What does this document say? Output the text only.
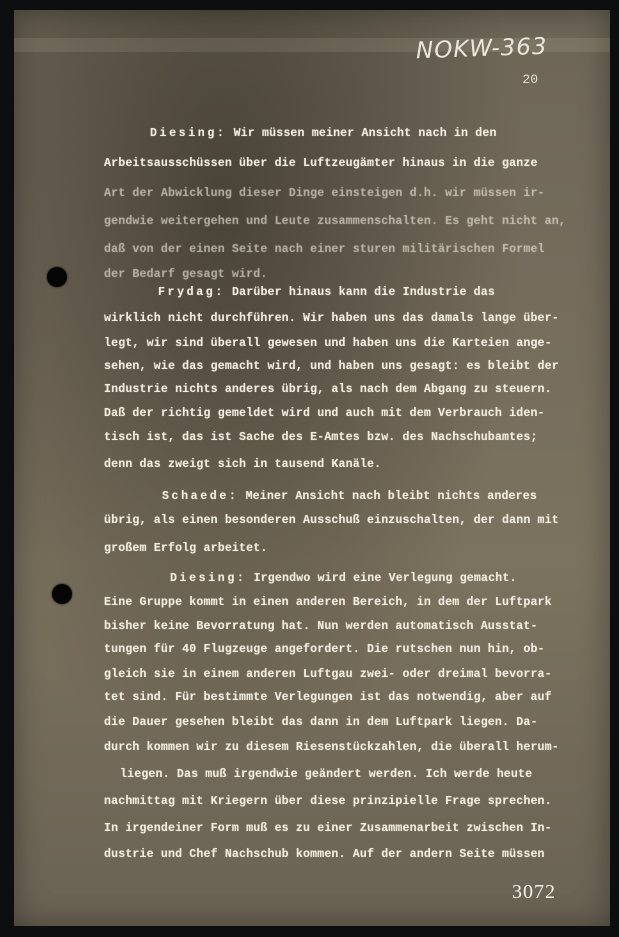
NOKW-363
20
Diesing: Wir müssen meiner Ansicht nach in den
Arbeitsausschüssen über die Luftzeugämter hinaus in die ganze
Art der Abwicklung dieser Dinge einsteigen d.h. wir müssen ir-
gendwie weitergehen und Leute zusammenschalten. Es geht nicht an,
daß von der einen Seite nach einer sturen militärischen Formel
der Bedarf gesagt wird.
Frydag: Darüber hinaus kann die Industrie das
wirklich nicht durchführen. Wir haben uns das damals lange über-
legt, wir sind überall gewesen und haben uns die Karteien ange-
sehen, wie das gemacht wird, und haben uns gesagt: es bleibt der
Industrie nichts anderes übrig, als nach dem Abgang zu steuern.
Daß der richtig gemeldet wird und auch mit dem Verbrauch iden-
tisch ist, das ist Sache des E-Amtes bzw. des Nachschubamtes;
denn das zweigt sich in tausend Kanäle.
Schaede: Meiner Ansicht nach bleibt nichts anderes
übrig, als einen besonderen Ausschuß einzuschalten, der dann mit
großem Erfolg arbeitet.
Diesing: Irgendwo wird eine Verlegung gemacht.
Eine Gruppe kommt in einen anderen Bereich, in dem der Luftpark
bisher keine Bevorratung hat. Nun werden automatisch Ausstat-
tungen für 40 Flugzeuge angefordert. Die rutschen nun hin, ob-
gleich sie in einem anderen Luftgau zwei- oder dreimal bevorra-
tet sind. Für bestimmte Verlegungen ist das notwendig, aber auf
die Dauer gesehen bleibt das dann in dem Luftpark liegen. Da-
durch kommen wir zu diesem Riesenstückzahlen, die überall herum-
liegen. Das muß irgendwie geändert werden. Ich werde heute
nachmittag mit Kriegern über diese prinzipielle Frage sprechen.
In irgendeiner Form muß es zu einer Zusammenarbeit zwischen In-
dustrie und Chef Nachschub kommen. Auf der andern Seite müssen
3072
